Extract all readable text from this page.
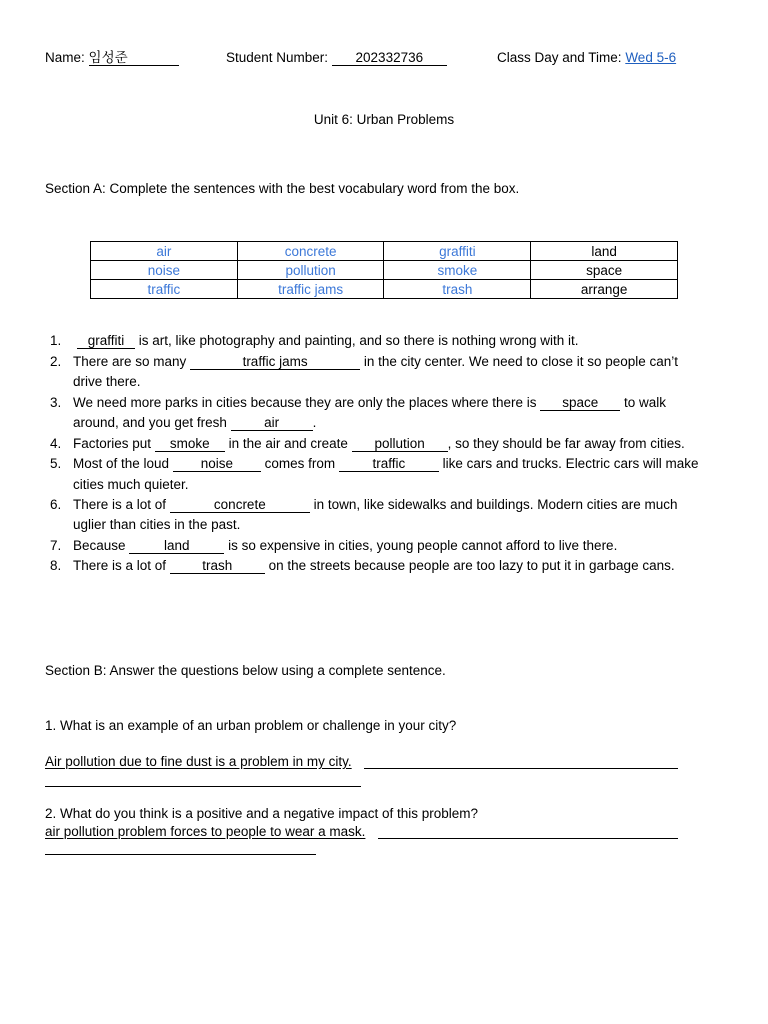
Name: 임성준	Student Number: 202332736	Class Day and Time: Wed 5-6
Unit 6: Urban Problems
Section A: Complete the sentences with the best vocabulary word from the box.
air	concrete	graffiti	land
noise	pollution	smoke	space
traffic	traffic jams	trash	arrange
1.	graffiti is art, like photography and painting, and so there is nothing wrong with it.
2. There are so many	traffic jams	in the city center. We need to close it so people can’t
drive there.
3. We need more parks in cities because they are only the places where there is space to walk
around, and you get fresh	air .
4. Factories put smoke in the air and create pollution , so they should be far away from cities.
5. Most of the loud noise comes from	traffic	like cars and trucks. Electric cars will make
cities much quieter.
6. There is a lot of	concrete	in town, like sidewalks and buildings. Modern cities are much
uglier than cities in the past.
7. Because	land	is so expensive in cities, young people cannot afford to live there.
8. There is a lot of	trash	on the streets because people are too lazy to put it in garbage cans.
Section B: Answer the questions below using a complete sentence.
1. What is an example of an urban problem or challenge in your city?
Air pollution due to fine dust is a problem in my city.
2. What do you think is a positive and a negative impact of this problem?
air pollution problem forces to people to wear a mask.
